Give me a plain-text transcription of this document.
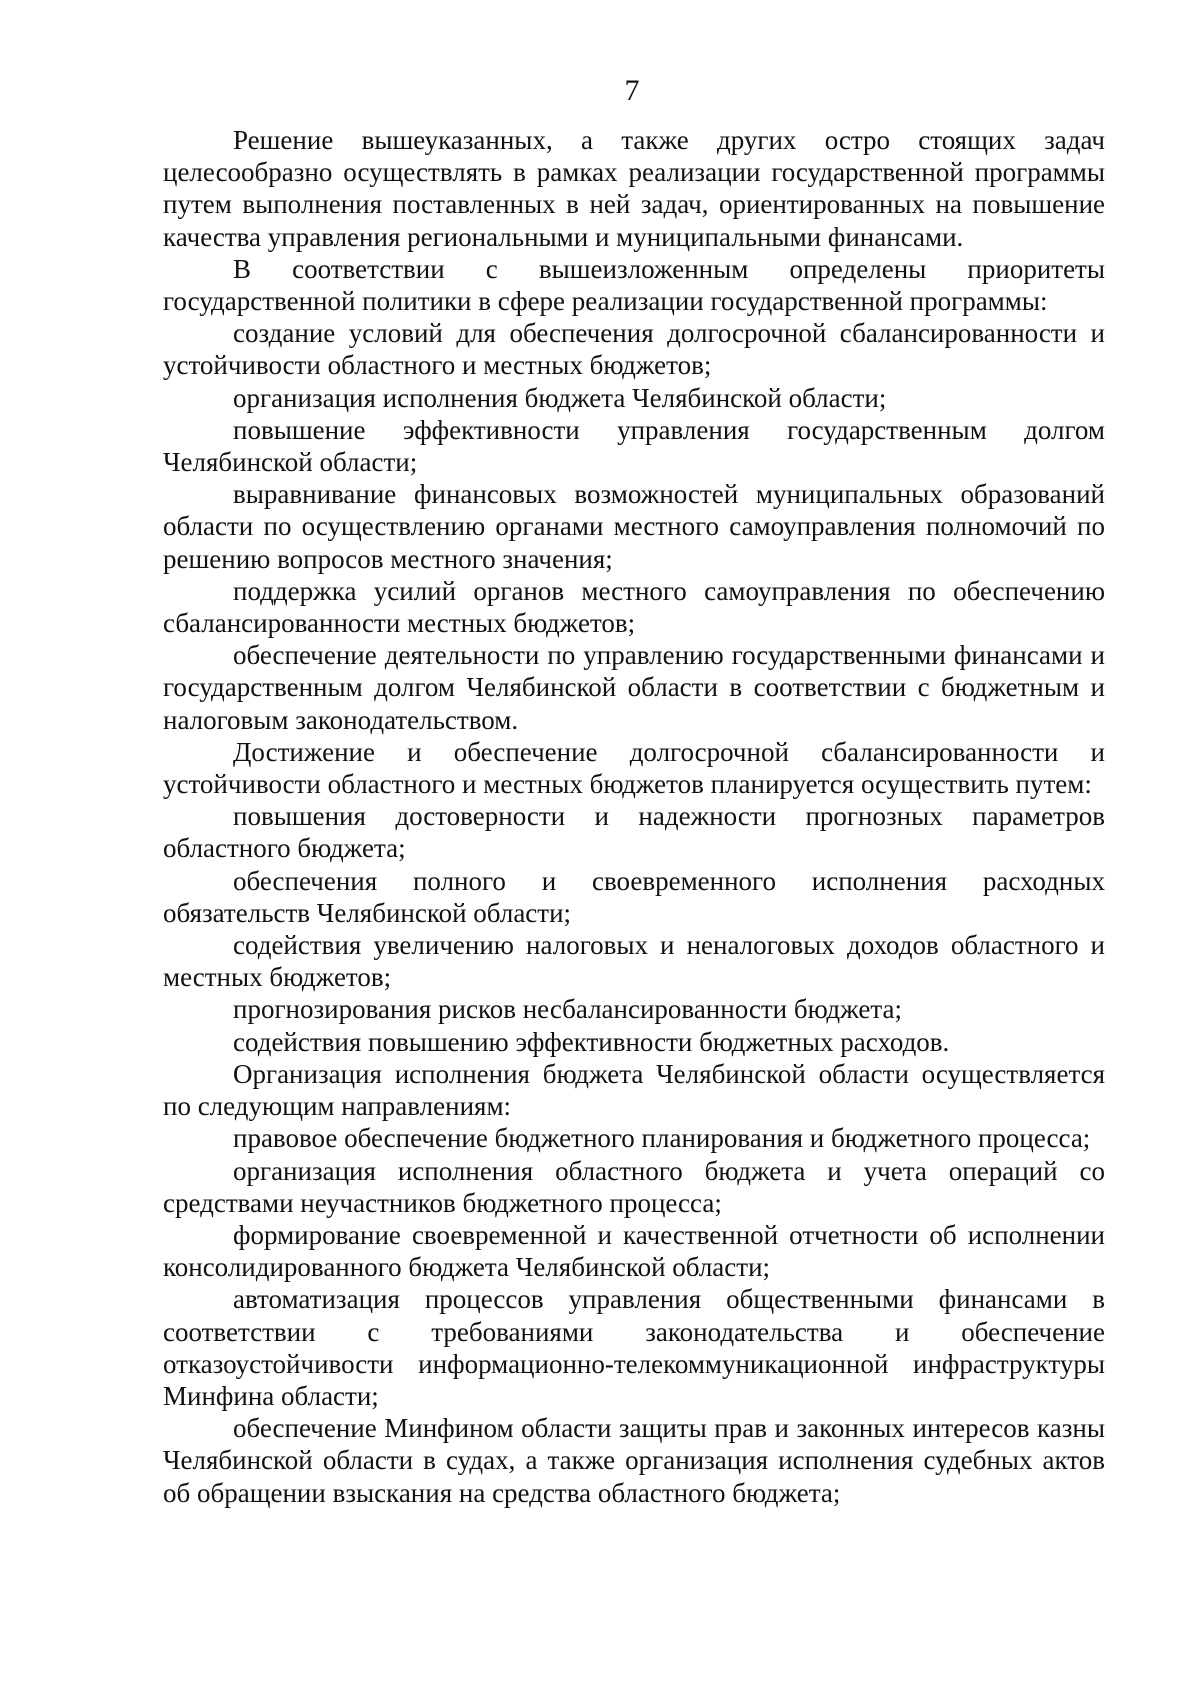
7

Решение вышеуказанных, а также других остро стоящих задач целесообразно осуществлять в рамках реализации государственной программы путем выполнения поставленных в ней задач, ориентированных на повышение качества управления региональными и муниципальными финансами.

В соответствии с вышеизложенным определены приоритеты государственной политики в сфере реализации государственной программы:

создание условий для обеспечения долгосрочной сбалансированности и устойчивости областного и местных бюджетов;

организация исполнения бюджета Челябинской области;

повышение эффективности управления государственным долгом Челябинской области;

выравнивание финансовых возможностей муниципальных образований области по осуществлению органами местного самоуправления полномочий по решению вопросов местного значения;

поддержка усилий органов местного самоуправления по обеспечению сбалансированности местных бюджетов;

обеспечение деятельности по управлению государственными финансами и государственным долгом Челябинской области в соответствии с бюджетным и налоговым законодательством.

Достижение и обеспечение долгосрочной сбалансированности и устойчивости областного и местных бюджетов планируется осуществить путем:

повышения достоверности и надежности прогнозных параметров областного бюджета;

обеспечения полного и своевременного исполнения расходных обязательств Челябинской области;

содействия увеличению налоговых и неналоговых доходов областного и местных бюджетов;

прогнозирования рисков несбалансированности бюджета;

содействия повышению эффективности бюджетных расходов.

Организация исполнения бюджета Челябинской области осуществляется по следующим направлениям:

правовое обеспечение бюджетного планирования и бюджетного процесса;

организация исполнения областного бюджета и учета операций со средствами неучастников бюджетного процесса;

формирование своевременной и качественной отчетности об исполнении консолидированного бюджета Челябинской области;

автоматизация процессов управления общественными финансами в соответствии с требованиями законодательства и обеспечение отказоустойчивости информационно-телекоммуникационной инфраструктуры Минфина области;

обеспечение Минфином области защиты прав и законных интересов казны Челябинской области в судах, а также организация исполнения судебных актов об обращении взыскания на средства областного бюджета;
